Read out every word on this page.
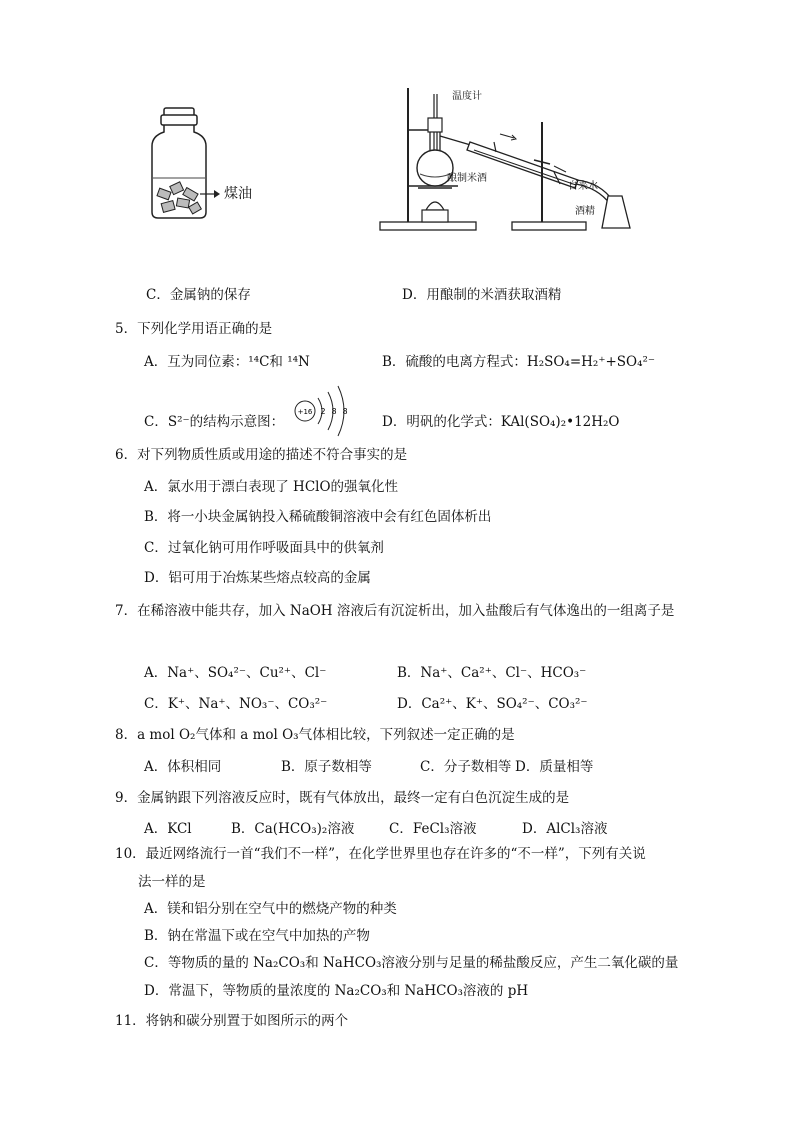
煤油
温度计
酿制米酒
自来水
酒精
C．金属钠的保存	D．用酿制的米酒获取酒精
5．下列化学用语正确的是
A．互为同位素：¹⁴C和 ¹⁴N	B．硫酸的电离方程式：H₂SO₄=H₂⁺+SO₄²⁻
C．S²⁻的结构示意图：
+16 2 8 8
D．明矾的化学式：KAl(SO₄)₂•12H₂O
6．对下列物质性质或用途的描述不符合事实的是
A．氯水用于漂白表现了 HClO的强氧化性
B．将一小块金属钠投入稀硫酸铜溶液中会有红色固体析出
C．过氧化钠可用作呼吸面具中的供氧剂
D．铝可用于冶炼某些熔点较高的金属
7．在稀溶液中能共存，加入 NaOH 溶液后有沉淀析出，加入盐酸后有气体逸出的一组离子是
A．Na⁺、SO₄²⁻、Cu²⁺、Cl⁻	B．Na⁺、Ca²⁺、Cl⁻、HCO₃⁻
C．K⁺、Na⁺、NO₃⁻、CO₃²⁻	D．Ca²⁺、K⁺、SO₄²⁻、CO₃²⁻
8．a mol O₂气体和 a mol O₃气体相比较，下列叙述一定正确的是
A．体积相同	B．原子数相等	C．分子数相等 D．质量相等
9．金属钠跟下列溶液反应时，既有气体放出，最终一定有白色沉淀生成的是
A．KCl	B．Ca(HCO₃)₂溶液	C．FeCl₃溶液	D．AlCl₃溶液
10．最近网络流行一首“我们不一样”，在化学世界里也存在许多的“不一样”，下列有关说
法一样的是
A．镁和铝分别在空气中的燃烧产物的种类
B．钠在常温下或在空气中加热的产物
C．等物质的量的 Na₂CO₃和 NaHCO₃溶液分别与足量的稀盐酸反应，产生二氧化碳的量
D．常温下，等物质的量浓度的 Na₂CO₃和 NaHCO₃溶液的 pH
11．将钠和碳分别置于如图所示的两个
